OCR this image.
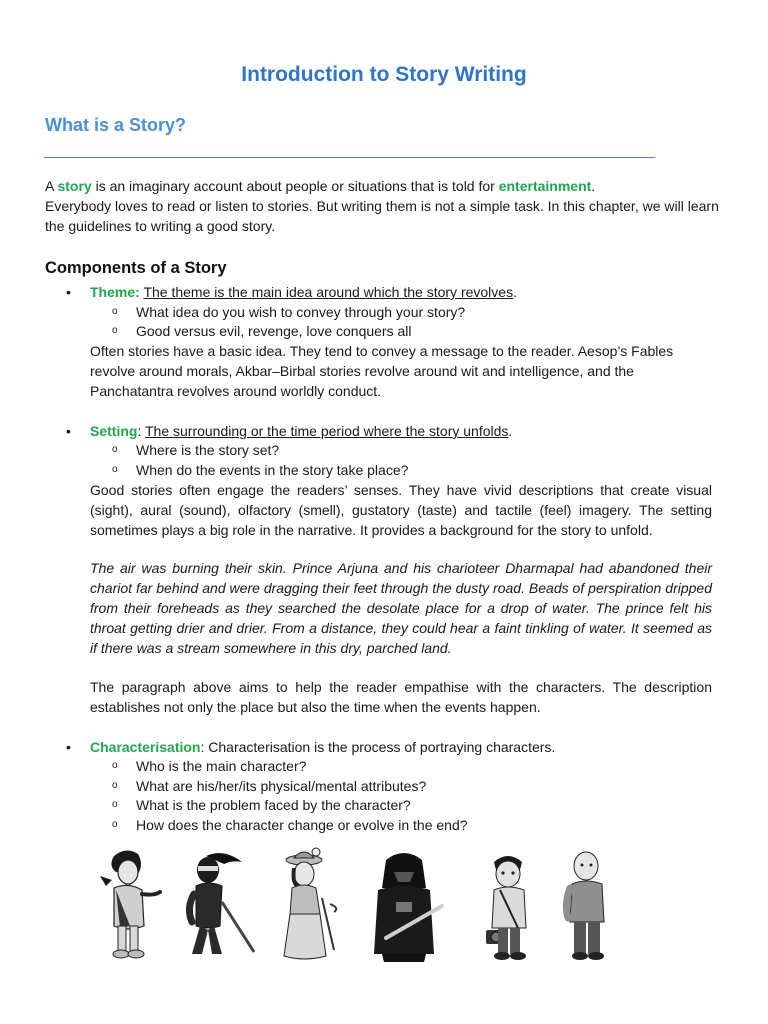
Introduction to Story Writing
What is a Story?

A story is an imaginary account about people or situations that is told for entertainment.
Everybody loves to read or listen to stories. But writing them is not a simple task. In this chapter, we will learn the guidelines to writing a good story.

Components of a Story
• Theme: The theme is the main idea around which the story revolves.

o What idea do you wish to convey through your story?
o Good versus evil, revenge, love conquers all

Often stories have a basic idea. They tend to convey a message to the reader. Aesop’s Fables revolve around morals, Akbar–Birbal stories revolve around wit and intelligence, and the Panchatantra revolves around worldly conduct.

• Setting: The surrounding or the time period where the story unfolds.

o Where is the story set?
o When do the events in the story take place?

Good stories often engage the readers’ senses. They have vivid descriptions that create visual (sight), aural (sound), olfactory (smell), gustatory (taste) and tactile (feel) imagery. The setting sometimes plays a big role in the narrative. It provides a background for the story to unfold.

The air was burning their skin. Prince Arjuna and his charioteer Dharmapal had abandoned their chariot far behind and were dragging their feet through the dusty road. Beads of perspiration dripped from their foreheads as they searched the desolate place for a drop of water. The prince felt his throat getting drier and drier. From a distance, they could hear a faint tinkling of water. It seemed as if there was a stream somewhere in this dry, parched land.

The paragraph above aims to help the reader empathise with the characters. The description establishes not only the place but also the time when the events happen.

• Characterisation: Characterisation is the process of portraying characters.

o Who is the main character?
o What are his/her/its physical/mental attributes?
o What is the problem faced by the character?
o How does the character change or evolve in the end?
